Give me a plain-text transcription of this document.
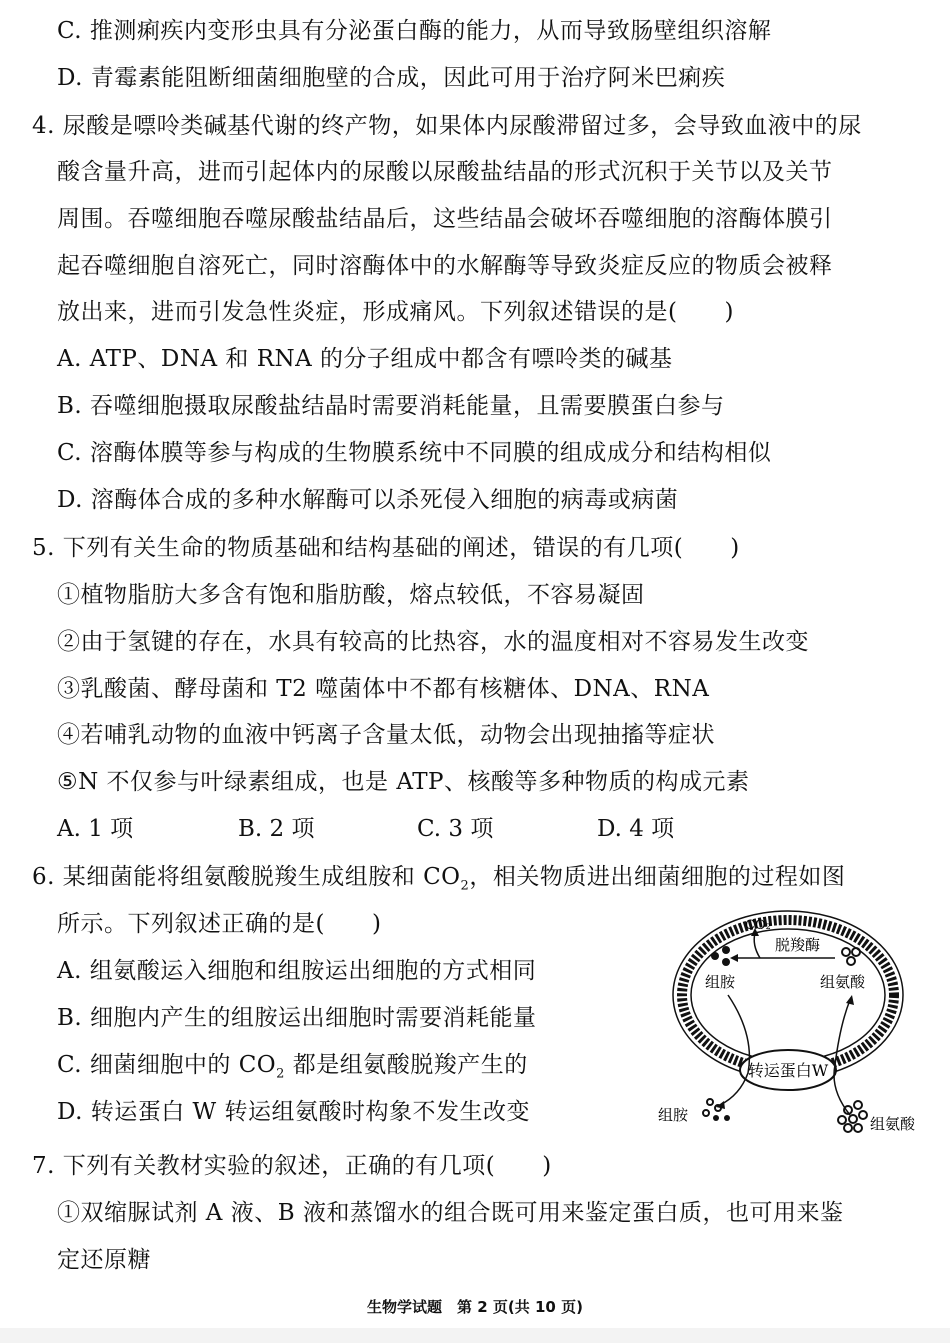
C. 推测痢疾内变形虫具有分泌蛋白酶的能力，从而导致肠壁组织溶解
D. 青霉素能阻断细菌细胞壁的合成，因此可用于治疗阿米巴痢疾
4. 尿酸是嘌呤类碱基代谢的终产物，如果体内尿酸滞留过多，会导致血液中的尿
酸含量升高，进而引起体内的尿酸以尿酸盐结晶的形式沉积于关节以及关节
周围。吞噬细胞吞噬尿酸盐结晶后，这些结晶会破坏吞噬细胞的溶酶体膜引
起吞噬细胞自溶死亡，同时溶酶体中的水解酶等导致炎症反应的物质会被释
放出来，进而引发急性炎症，形成痛风。下列叙述错误的是(　　)
A. ATP、DNA 和 RNA 的分子组成中都含有嘌呤类的碱基
B. 吞噬细胞摄取尿酸盐结晶时需要消耗能量，且需要膜蛋白参与
C. 溶酶体膜等参与构成的生物膜系统中不同膜的组成成分和结构相似
D. 溶酶体合成的多种水解酶可以杀死侵入细胞的病毒或病菌
5. 下列有关生命的物质基础和结构基础的阐述，错误的有几项(　　)
①植物脂肪大多含有饱和脂肪酸，熔点较低，不容易凝固
②由于氢键的存在，水具有较高的比热容，水的温度相对不容易发生改变
③乳酸菌、酵母菌和 T2 噬菌体中不都有核糖体、DNA、RNA
④若哺乳动物的血液中钙离子含量太低，动物会出现抽搐等症状
⑤N 不仅参与叶绿素组成，也是 ATP、核酸等多种物质的构成元素
A. 1 项	B. 2 项	C. 3 项	D. 4 项
6. 某细菌能将组氨酸脱羧生成组胺和 $CO_2$，相关物质进出细菌细胞的过程如图
所示。下列叙述正确的是(　　)
A. 组氨酸运入细胞和组胺运出细胞的方式相同
B. 细胞内产生的组胺运出细胞时需要消耗能量
C. 细菌细胞中的 $CO_2$ 都是组氨酸脱羧产生的
D. 转运蛋白 W 转运组氨酸时构象不发生改变
转运蛋白W
CO₂
脱羧酶
组胺	组氨酸
组胺	组氨酸
7. 下列有关教材实验的叙述，正确的有几项(　　)
①双缩脲试剂 A 液、B 液和蒸馏水的组合既可用来鉴定蛋白质，也可用来鉴
定还原糖
生物学试题　第 2 页(共 10 页)
